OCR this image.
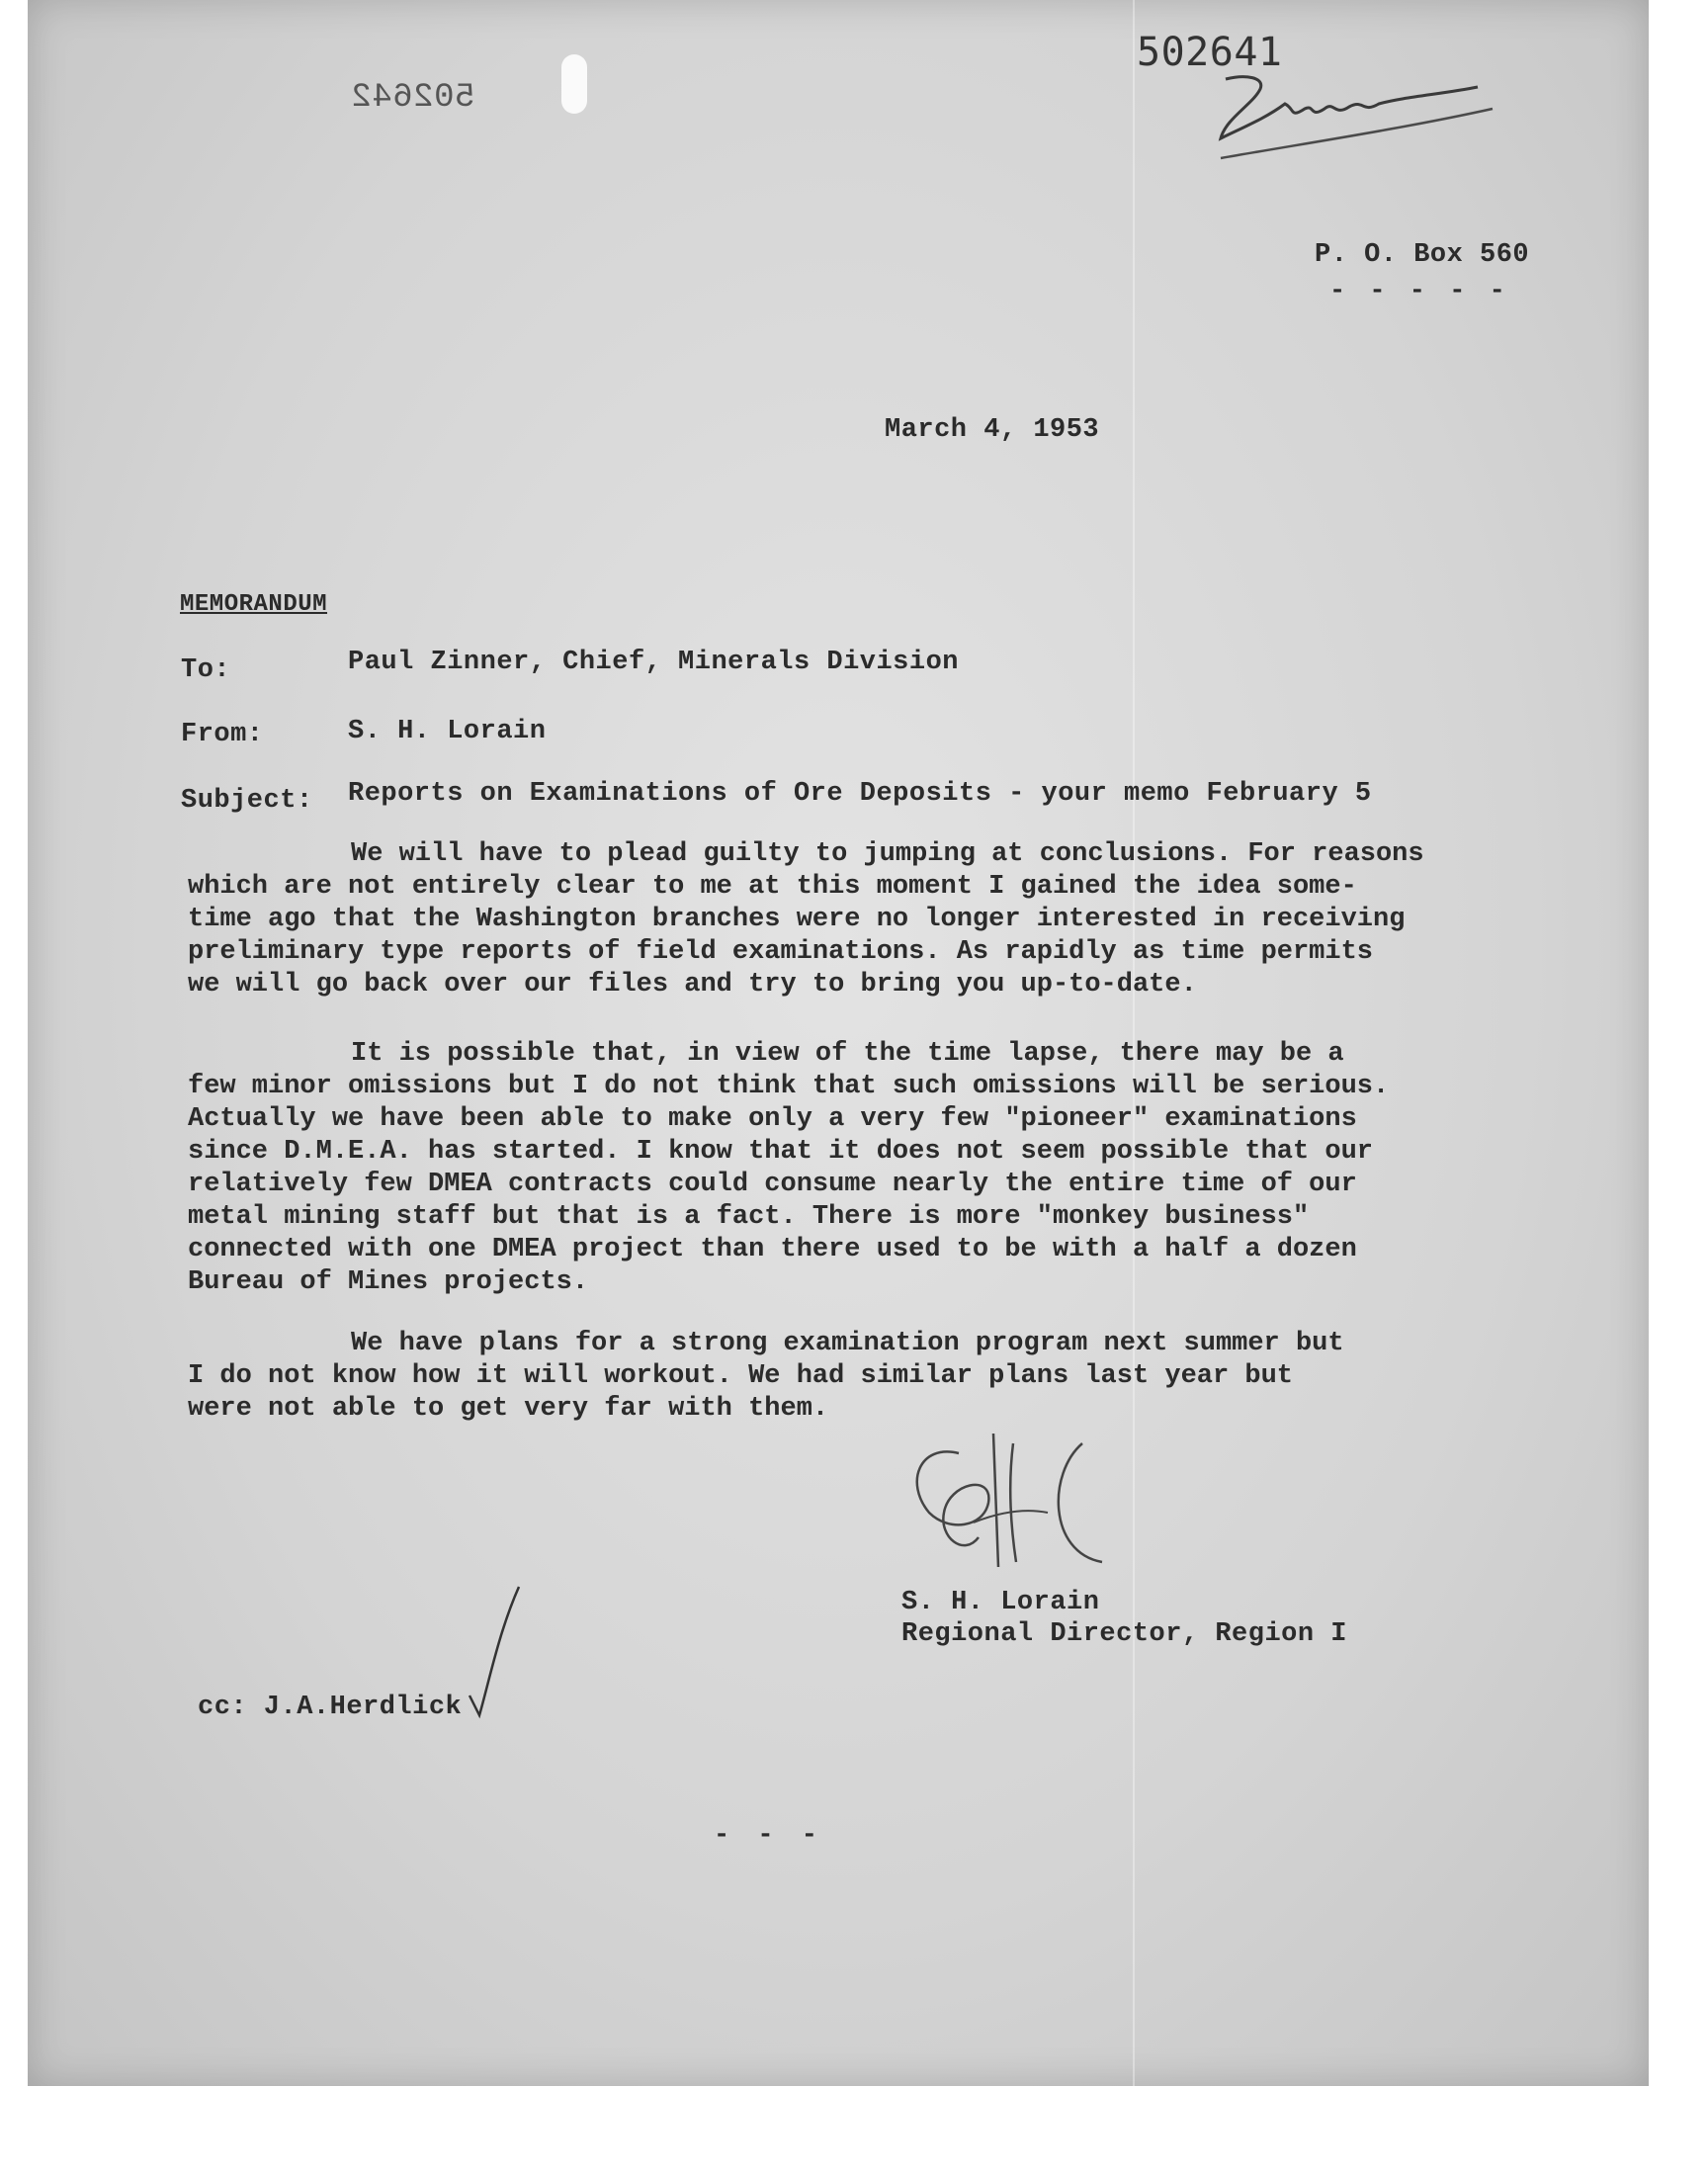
502642
502641
P. O. Box 560
- - - - -
March 4, 1953
MEMORANDUM
To:	Paul Zinner, Chief, Minerals Division
From:	S. H. Lorain
Subject: Reports on Examinations of Ore Deposits - your memo February 5
We will have to plead guilty to jumping at conclusions. For reasons
which are not entirely clear to me at this moment I gained the idea some-
time ago that the Washington branches were no longer interested in receiving
preliminary type reports of field examinations. As rapidly as time permits
we will go back over our files and try to bring you up-to-date.
It is possible that, in view of the time lapse, there may be a
few minor omissions but I do not think that such omissions will be serious.
Actually we have been able to make only a very few "pioneer" examinations
since D.M.E.A. has started. I know that it does not seem possible that our
relatively few DMEA contracts could consume nearly the entire time of our
metal mining staff but that is a fact. There is more "monkey business"
connected with one DMEA project than there used to be with a half a dozen
Bureau of Mines projects.
We have plans for a strong examination program next summer but
I do not know how it will workout. We had similar plans last year but
were not able to get very far with them.
S. H. Lorain
Regional Director, Region I
cc: J.A.Herdlick
- - -
